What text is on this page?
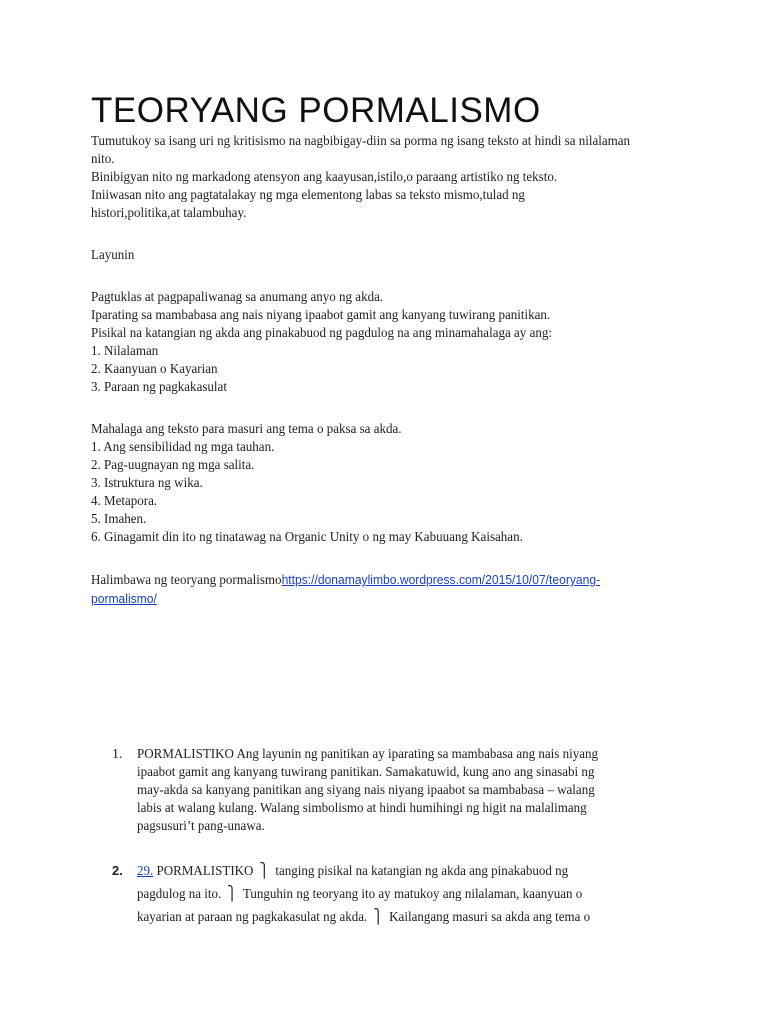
TEORYANG PORMALISMO

Tumutukoy sa isang uri ng kritisismo na nagbibigay-diin sa porma ng isang teksto at hindi sa nilalaman nito.
Binibigyan nito ng markadong atensyon ang kaayusan,istilo,o paraang artistiko ng teksto.
Iniiwasan nito ang pagtatalakay ng mga elementong labas sa teksto mismo,tulad ng
histori,politika,at talambuhay.

Layunin

Pagtuklas at pagpapaliwanag sa anumang anyo ng akda.
Iparating sa mambabasa ang nais niyang ipaabot gamit ang kanyang tuwirang panitikan.
Pisikal na katangian ng akda ang pinakabuod ng pagdulog na ang minamahalaga ay ang:
1. Nilalaman
2. Kaanyuan o Kayarian
3. Paraan ng pagkakasulat

Mahalaga ang teksto para masuri ang tema o paksa sa akda.
1. Ang sensibilidad ng mga tauhan.
2. Pag-uugnayan ng mga salita.
3. Istruktura ng wika.
4. Metapora.
5. Imahen.
6. Ginagamit din ito ng tinatawag na Organic Unity o ng may Kabuuang Kaisahan.

Halimbawa ng teoryang pormalismohttps://donamaylimbo.wordpress.com/2015/10/07/teoryang-
pormalismo/

1.	PORMALISTIKO Ang layunin ng panitikan ay iparating sa mambabasa ang nais niyang
ipaabot gamit ang kanyang tuwirang panitikan. Samakatuwid, kung ano ang sinasabi ng
may-akda sa kanyang panitikan ang siyang nais niyang ipaabot sa mambabasa – walang
labis at walang kulang. Walang simbolismo at hindi humihingi ng higit na malalimang
pagsusuri’t pang-unawa.
2.	29. PORMALISTIKO ⎫ tanging pisikal na katangian ng akda ang pinakabuod ng
pagdulog na ito. ⎫ Tunguhin ng teoryang ito ay matukoy ang nilalaman, kaanyuan o
kayarian at paraan ng pagkakasulat ng akda. ⎫ Kailangang masuri sa akda ang tema o
